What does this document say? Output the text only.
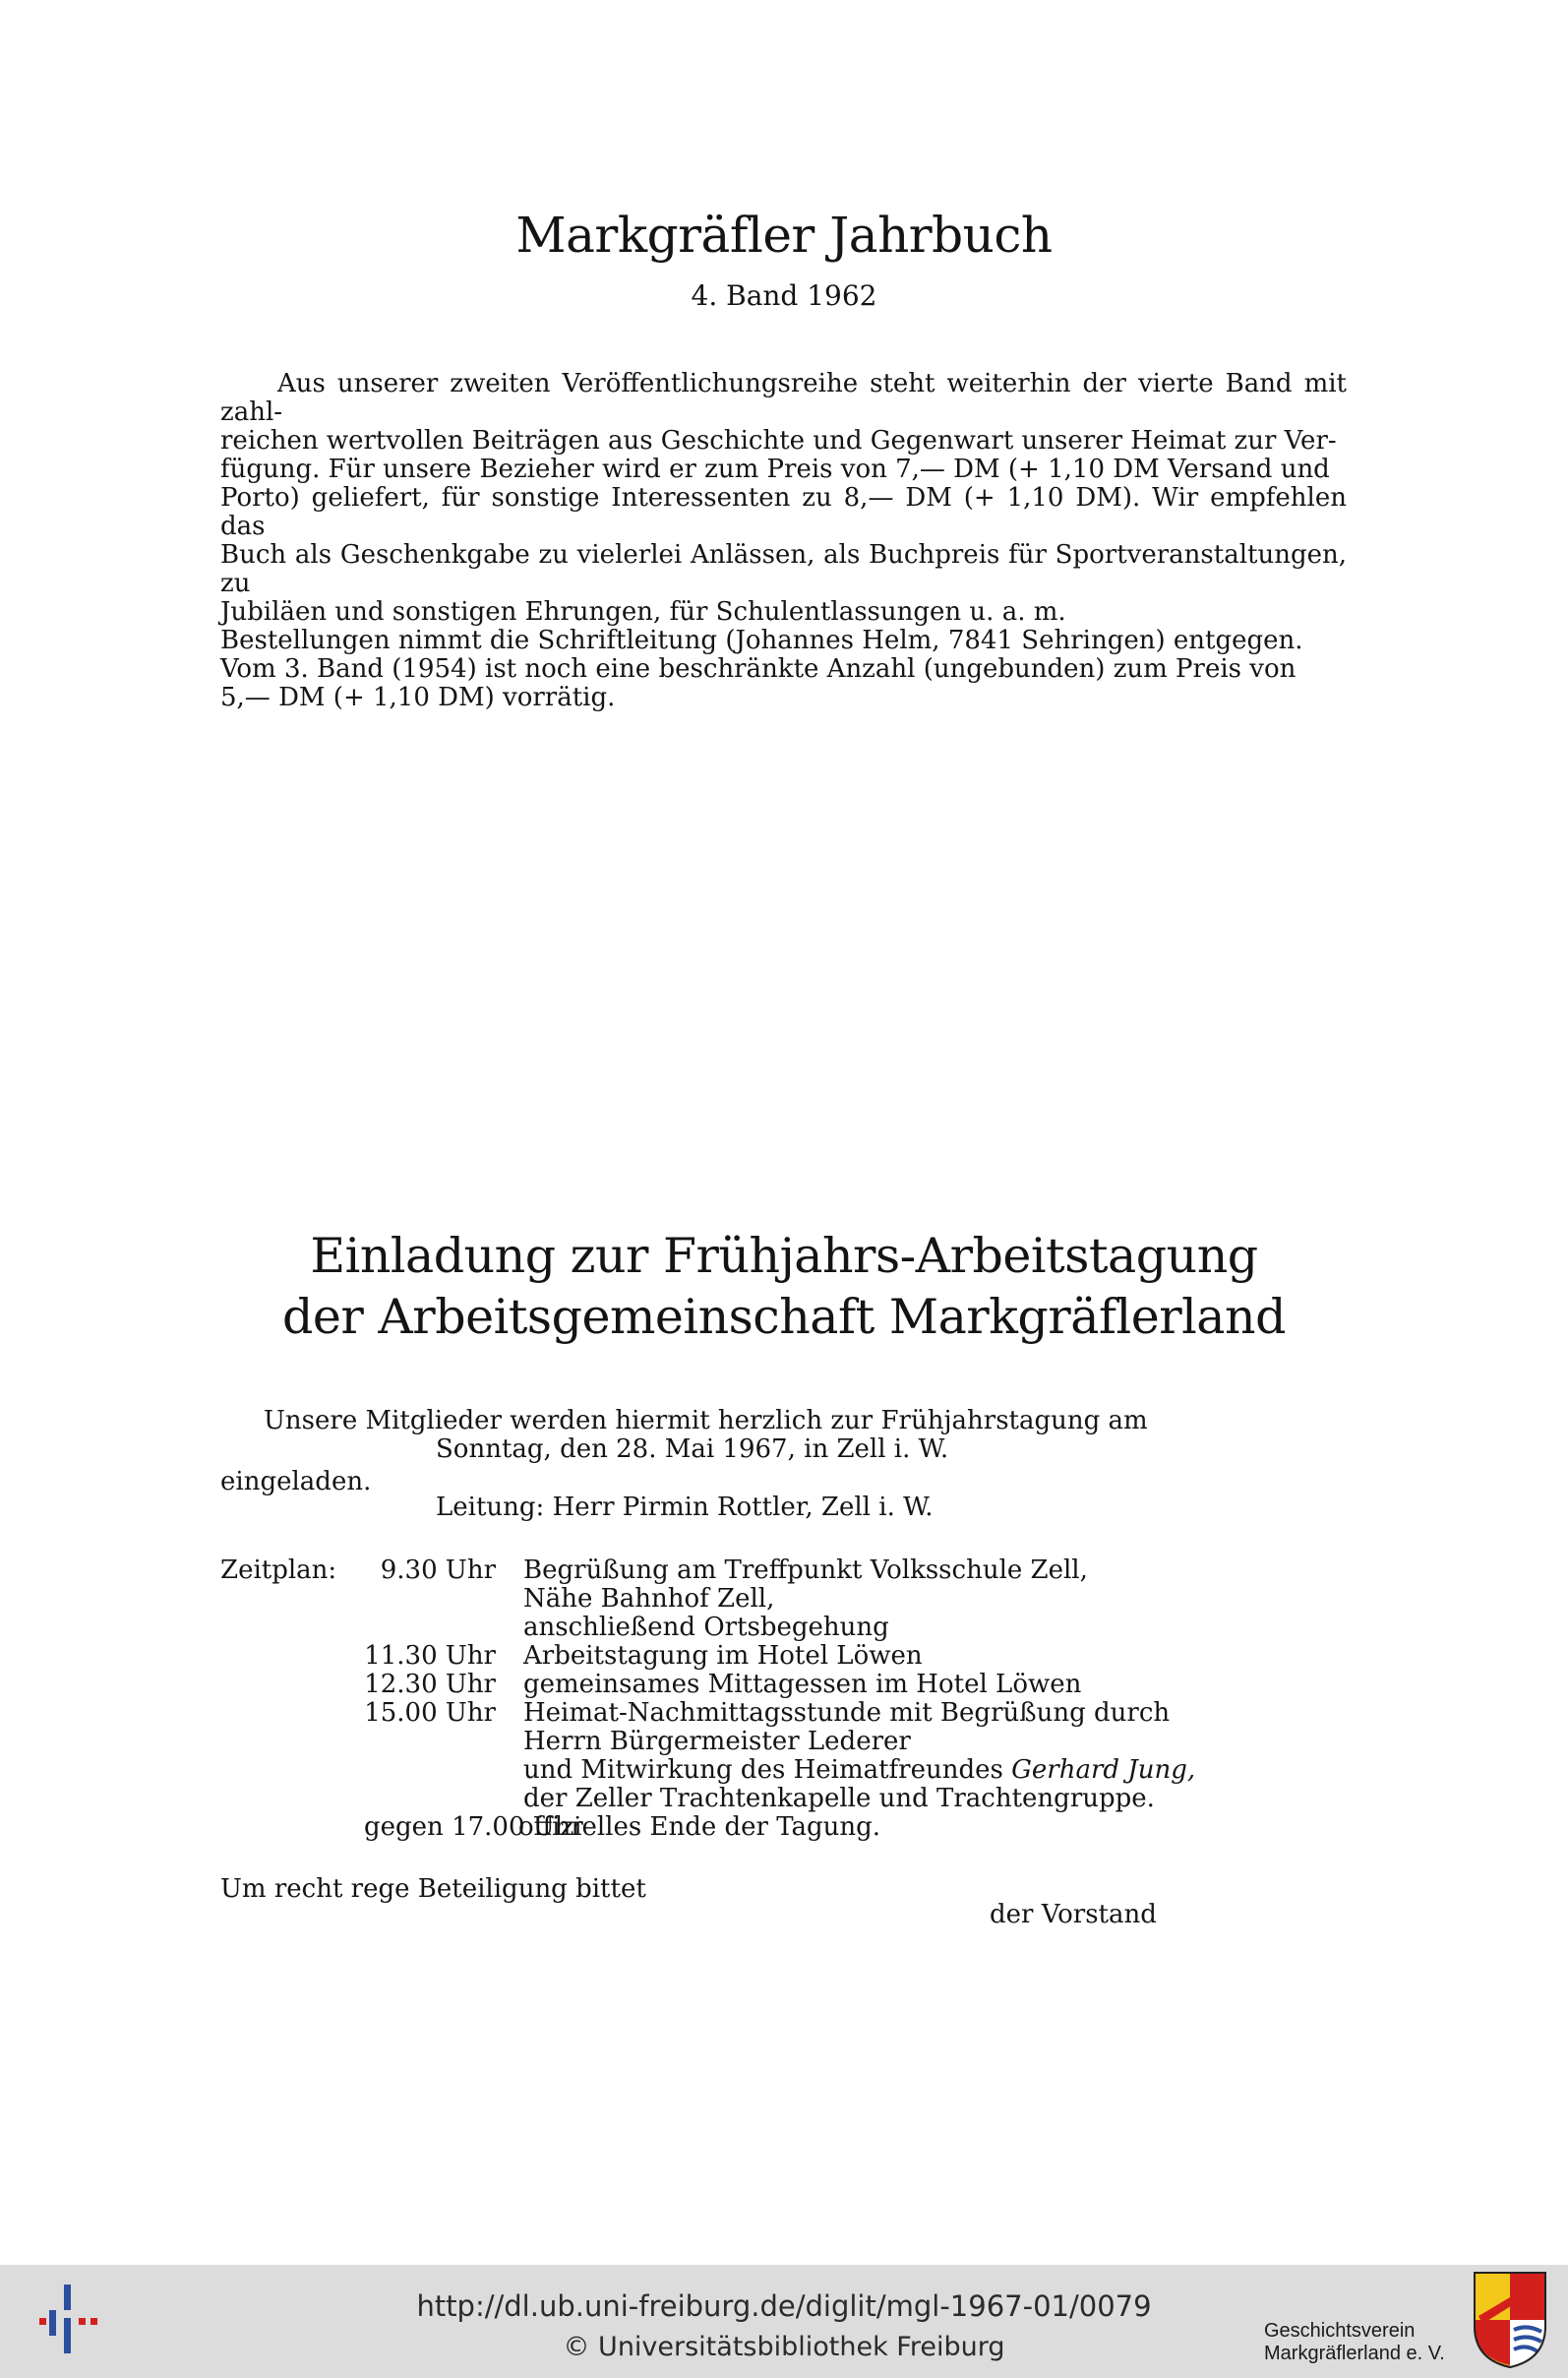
Markgräfler Jahrbuch
4. Band 1962

Aus unserer zweiten Veröffentlichungsreihe steht weiterhin der vierte Band mit zahl-

reichen wertvollen Beiträgen aus Geschichte und Gegenwart unserer Heimat zur Ver-

fügung. Für unsere Bezieher wird er zum Preis von 7,— DM (+ 1,10 DM Versand und

Porto) geliefert, für sonstige Interessenten zu 8,— DM (+ 1,10 DM). Wir empfehlen das

Buch als Geschenkgabe zu vielerlei Anlässen, als Buchpreis für Sportveranstaltungen, zu

Jubiläen und sonstigen Ehrungen, für Schulentlassungen u. a. m.

Bestellungen nimmt die Schriftleitung (Johannes Helm, 7841 Sehringen) entgegen.

Vom 3. Band (1954) ist noch eine beschränkte Anzahl (ungebunden) zum Preis von

5,— DM (+ 1,10 DM) vorrätig.

Einladung zur Frühjahrs-Arbeitstagung
der Arbeitsgemeinschaft Markgräflerland
Unsere Mitglieder werden hiermit herzlich zur Frühjahrstagung am
Sonntag, den 28. Mai 1967, in Zell i. W.
eingeladen.
Leitung: Herr Pirmin Rottler, Zell i. W.
Zeitplan:	9.30 Uhr Begrüßung am Treffpunkt Volksschule Zell,
Nähe Bahnhof Zell,
anschließend Ortsbegehung
11.30 Uhr Arbeitstagung im Hotel Löwen
12.30 Uhr gemeinsames Mittagessen im Hotel Löwen
15.00 Uhr Heimat-Nachmittagsstunde mit Begrüßung durch
Herrn Bürgermeister Lederer
und Mitwirkung des Heimatfreundes Gerhard Jung,
der Zeller Trachtenkapelle und Trachtengruppe.
gegen 17.00 Uhr
offizielles Ende der Tagung.
Um recht rege Beteiligung bittet
der Vorstand
http://dl.ub.uni-freiburg.de/diglit/mgl-1967-01/0079
© Universitätsbibliothek Freiburg
Geschichtsverein
Markgräflerland e. V.
